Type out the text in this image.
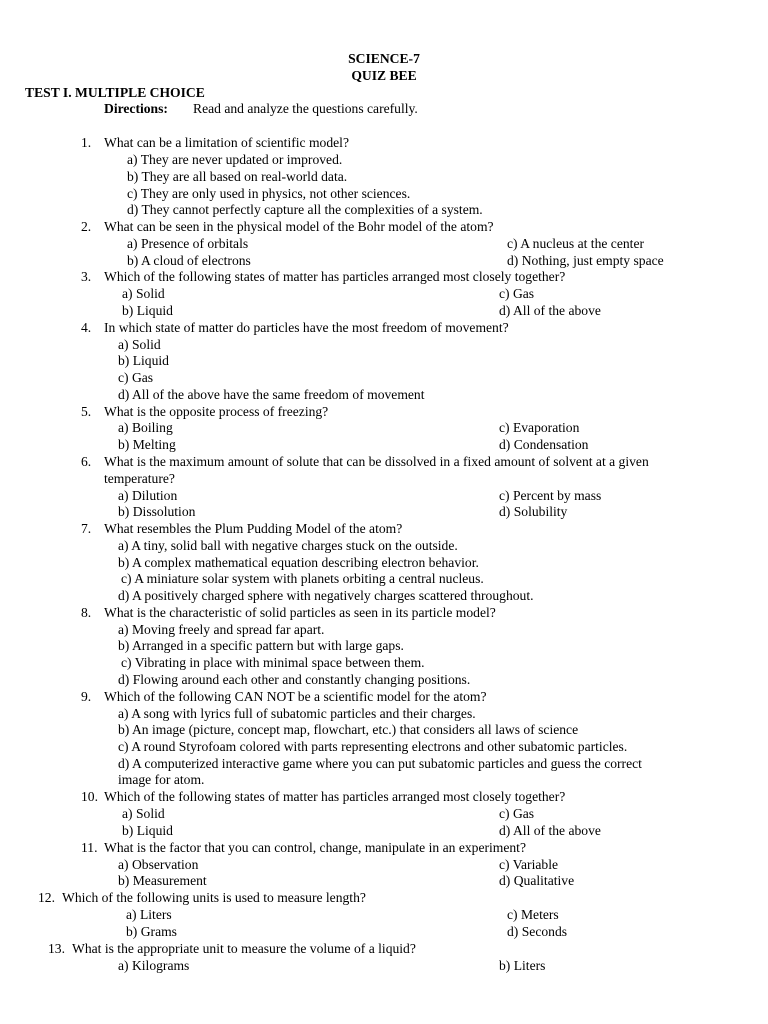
SCIENCE-7
QUIZ BEE
TEST I. MULTIPLE CHOICE
Directions: Read and analyze the questions carefully.
1. What can be a limitation of scientific model?
a) They are never updated or improved.
b) They are all based on real-world data.
c) They are only used in physics, not other sciences.
d) They cannot perfectly capture all the complexities of a system.
2. What can be seen in the physical model of the Bohr model of the atom?
a) Presence of orbitals	c) A nucleus at the center
b) A cloud of electrons	d) Nothing, just empty space
3. Which of the following states of matter has particles arranged most closely together?
a) Solid	c) Gas
b) Liquid	d) All of the above
4. In which state of matter do particles have the most freedom of movement?
a) Solid
b) Liquid
c) Gas
d) All of the above have the same freedom of movement
5. What is the opposite process of freezing?
a) Boiling	c) Evaporation
b) Melting	d) Condensation
6. What is the maximum amount of solute that can be dissolved in a fixed amount of solvent at a given
temperature?
a) Dilution	c) Percent by mass
b) Dissolution	d) Solubility
7. What resembles the Plum Pudding Model of the atom?
a) A tiny, solid ball with negative charges stuck on the outside.
b) A complex mathematical equation describing electron behavior.
c) A miniature solar system with planets orbiting a central nucleus.
d) A positively charged sphere with negatively charges scattered throughout.
8. What is the characteristic of solid particles as seen in its particle model?
a) Moving freely and spread far apart.
b) Arranged in a specific pattern but with large gaps.
c) Vibrating in place with minimal space between them.
d) Flowing around each other and constantly changing positions.
9. Which of the following CAN NOT be a scientific model for the atom?
a) A song with lyrics full of subatomic particles and their charges.
b) An image (picture, concept map, flowchart, etc.) that considers all laws of science
c) A round Styrofoam colored with parts representing electrons and other subatomic particles.
d) A computerized interactive game where you can put subatomic particles and guess the correct
image for atom.
10. Which of the following states of matter has particles arranged most closely together?
a) Solid	c) Gas
b) Liquid	d) All of the above
11. What is the factor that you can control, change, manipulate in an experiment?
a) Observation	c) Variable
b) Measurement	d) Qualitative
12. Which of the following units is used to measure length?
a) Liters	c) Meters
b) Grams	d) Seconds
13. What is the appropriate unit to measure the volume of a liquid?
a) Kilograms	b) Liters
